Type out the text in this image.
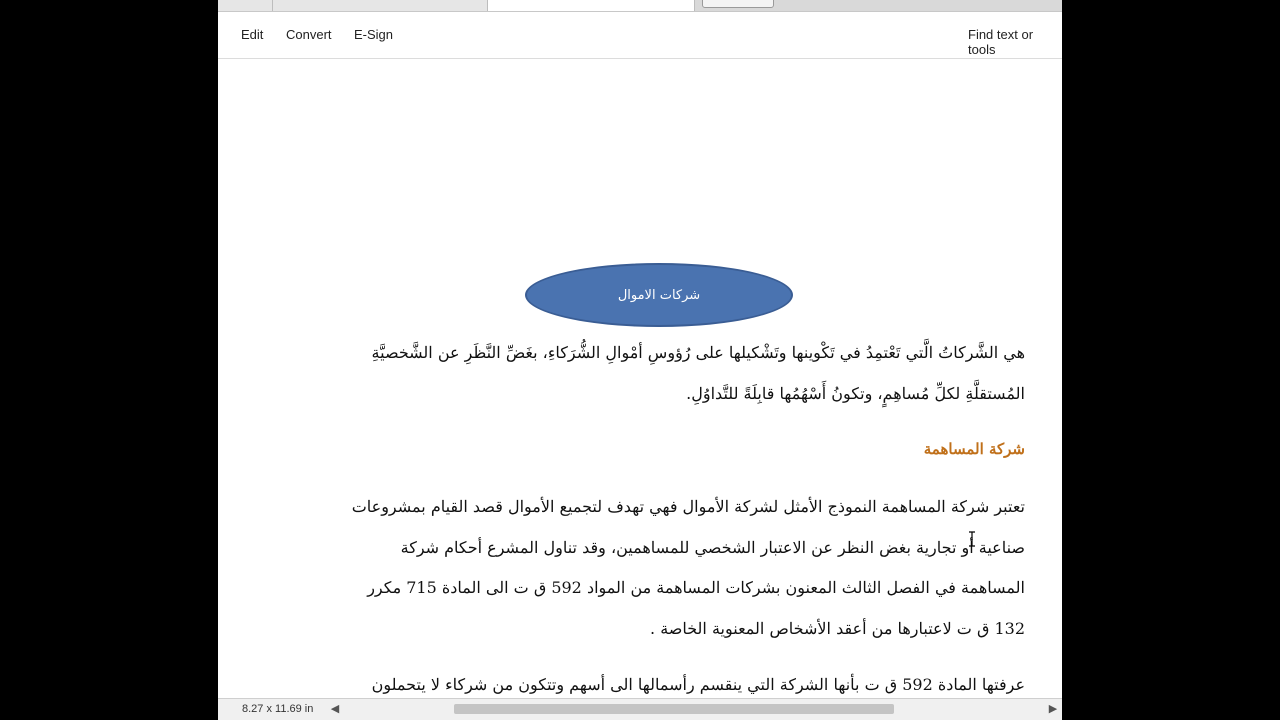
Edit Convert E-Sign	Find text or tools
شركات الاموال
هي الشَّركاتُ الَّتي تَعْتمِدُ في تَكْوينها وتَشْكيلها على رُؤوسِ أمْوالِ الشُّرَكاءِ، بغَضِّ النَّظَرِ عن الشَّخصيَّةِ
المُستقلَّةِ لكلِّ مُساهِمٍ، وتكونُ أَسْهُمُها قابِلَةً للتَّداوُلِ.
شركة المساهمة
تعتبر شركة المساهمة النموذج الأمثل لشركة الأموال فهي تهدف لتجميع الأموال قصد القيام بمشروعات
صناعية أو تجارية بغض النظر عن الاعتبار الشخصي للمساهمين، وقد تناول المشرع أحكام شركة
المساهمة في الفصل الثالث المعنون بشركات المساهمة من المواد 592 ق ت الى المادة 715 مكرر
132 ق ت لاعتبارها من أعقد الأشخاص المعنوية الخاصة .
عرفتها المادة 592 ق ت بأنها الشركة التي ينقسم رأسمالها الى أسهم وتتكون من شركاء لا يتحملون
8.27 x 11.69 in ◀	▶
